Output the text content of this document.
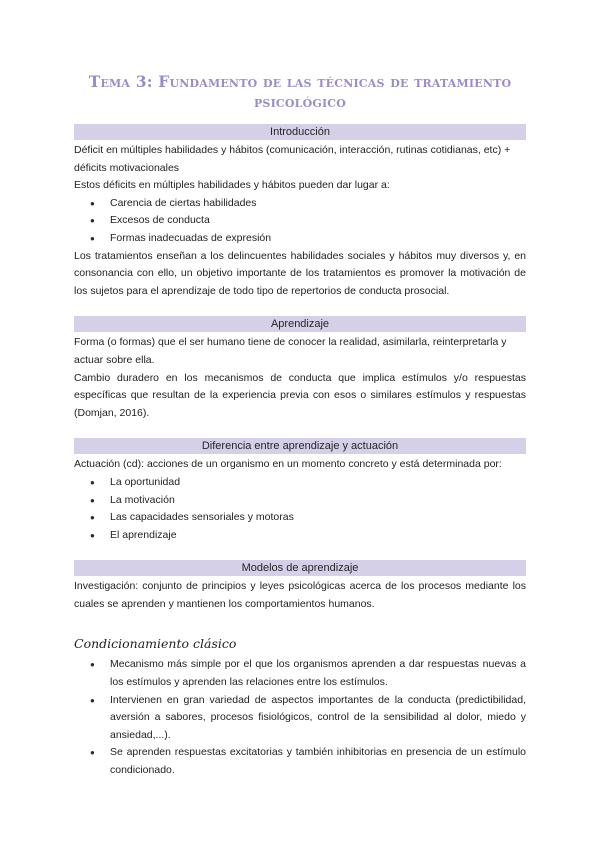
Tema 3: Fundamento de las técnicas de tratamiento psicológico
Introducción

Déficit en múltiples habilidades y hábitos (comunicación, interacción, rutinas cotidianas, etc) + déficits motivacionales

Estos déficits en múltiples habilidades y hábitos pueden dar lugar a:

● Carencia de ciertas habilidades
● Excesos de conducta
● Formas inadecuadas de expresión

Los tratamientos enseñan a los delincuentes habilidades sociales y hábitos muy diversos y, en consonancia con ello, un objetivo importante de los tratamientos es promover la motivación de los sujetos para el aprendizaje de todo tipo de repertorios de conducta prosocial.

Aprendizaje

Forma (o formas) que el ser humano tiene de conocer la realidad, asimilarla, reinterpretarla y actuar sobre ella.

Cambio duradero en los mecanismos de conducta que implica estímulos y/o respuestas específicas que resultan de la experiencia previa con esos o similares estímulos y respuestas (Domjan, 2016).

Diferencia entre aprendizaje y actuación

Actuación (cd): acciones de un organismo en un momento concreto y está determinada por:

● La oportunidad
● La motivación
● Las capacidades sensoriales y motoras
● El aprendizaje
Modelos de aprendizaje

Investigación: conjunto de principios y leyes psicológicas acerca de los procesos mediante los cuales se aprenden y mantienen los comportamientos humanos.

Condicionamiento clásico
● Mecanismo más simple por el que los organismos aprenden a dar respuestas nuevas a los estímulos y aprenden las relaciones entre los estímulos.
● Intervienen en gran variedad de aspectos importantes de la conducta (predictibilidad, aversión a sabores, procesos fisiológicos, control de la sensibilidad al dolor, miedo y ansiedad,...).
● Se aprenden respuestas excitatorias y también inhibitorias en presencia de un estímulo condicionado.
